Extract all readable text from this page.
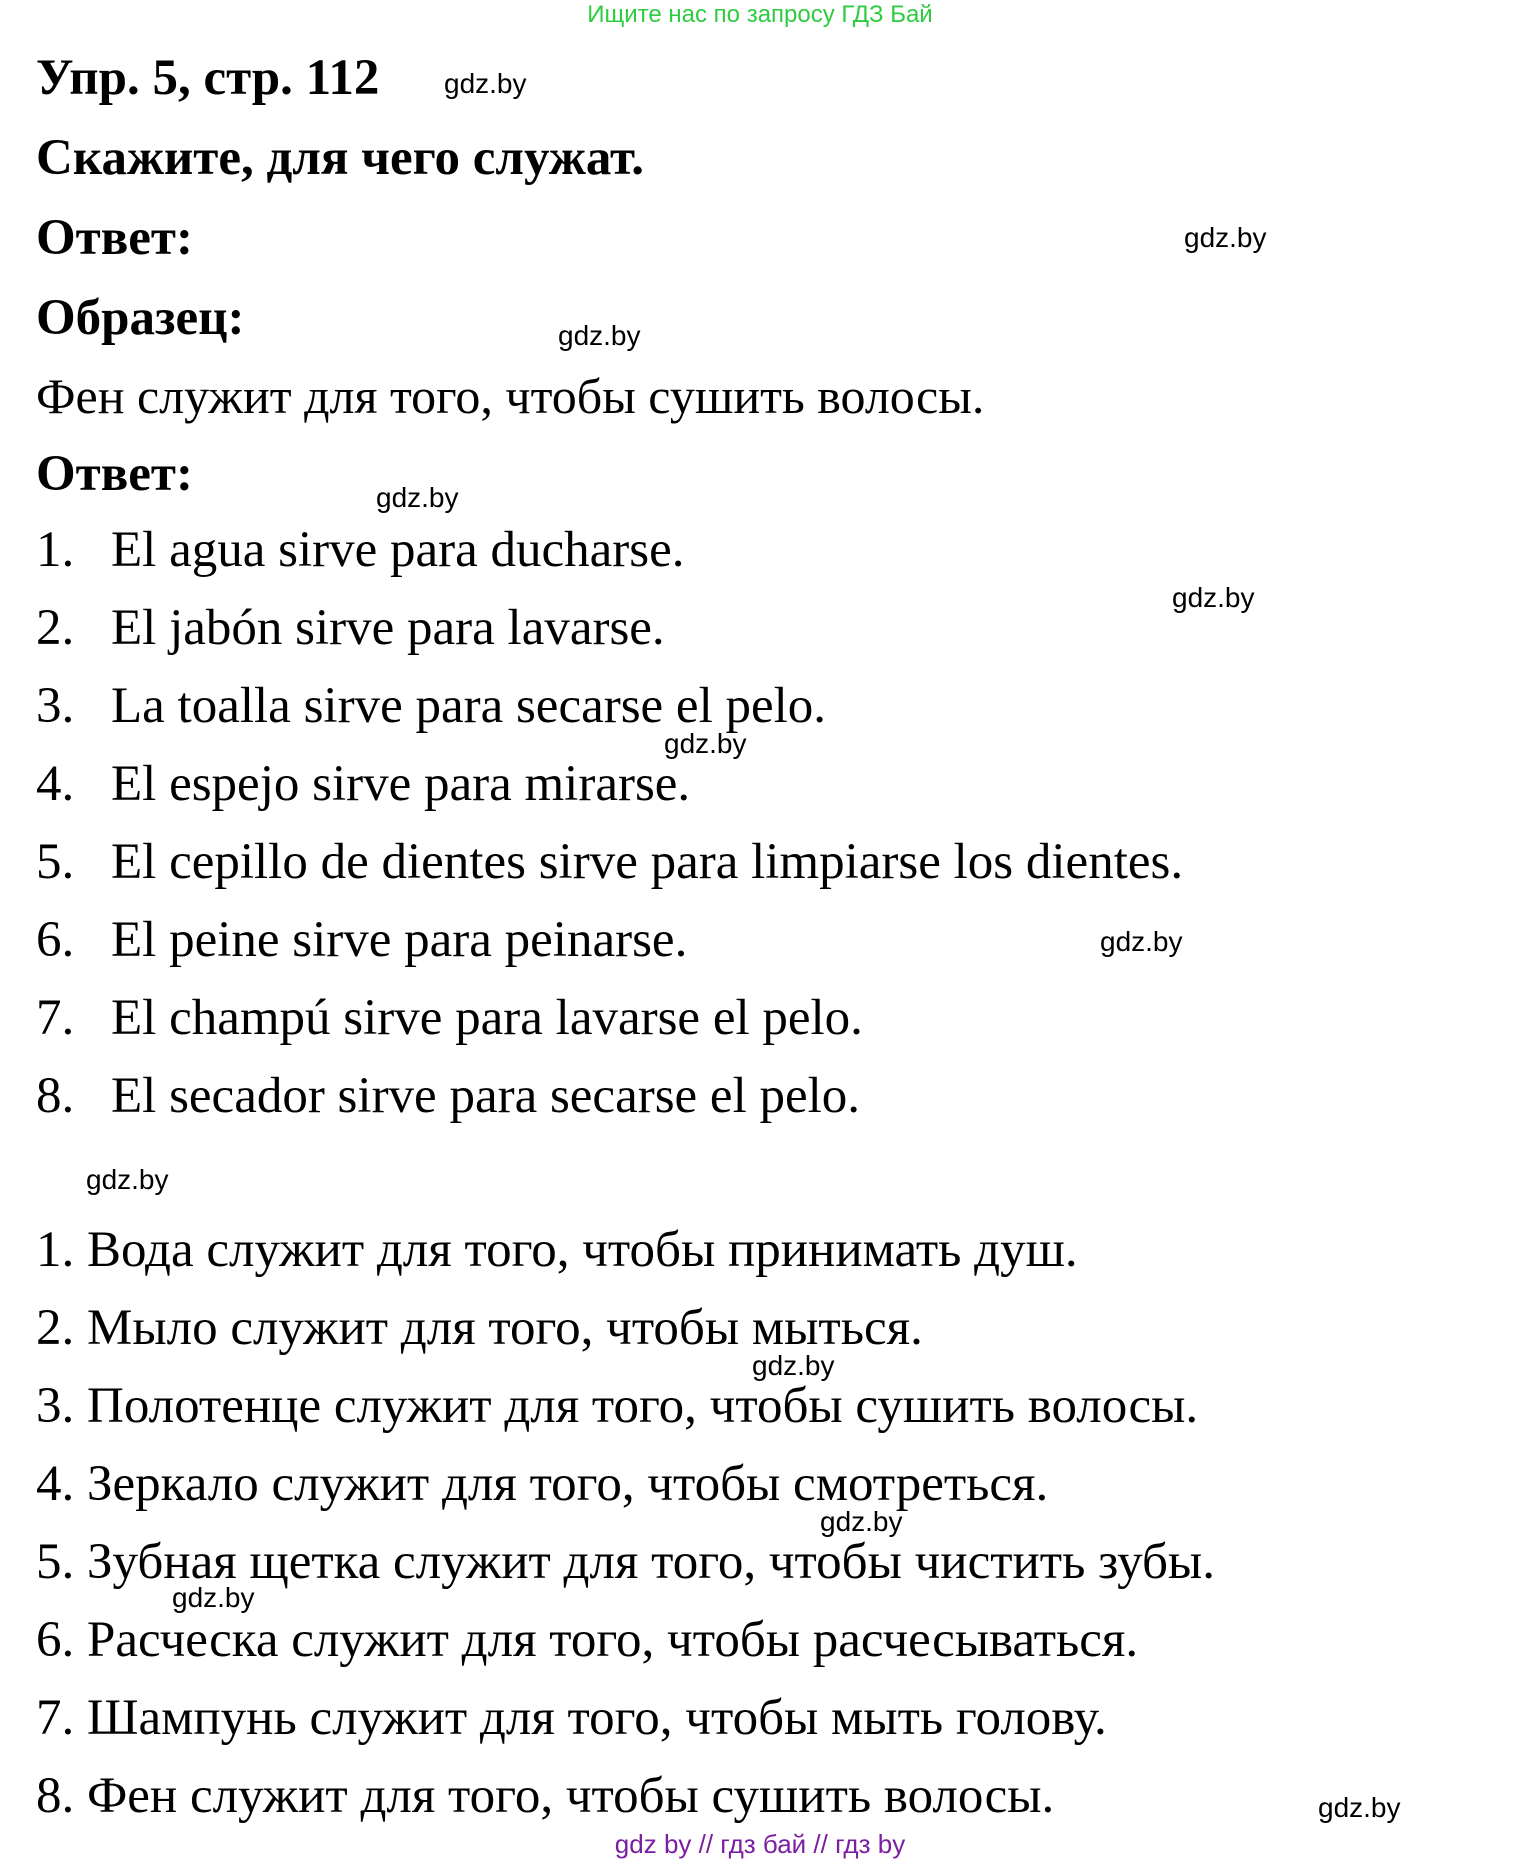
Ищите нас по запросу ГДЗ Бай
Упр. 5, стр. 112
Скажите, для чего служат.
Ответ:
Образец:
Фен служит для того, чтобы сушить волосы.
Ответ:
1. El agua sirve para ducharse.
2. El jabón sirve para lavarse.
3. La toalla sirve para secarse el pelo.
4. El espejo sirve para mirarse.
5. El cepillo de dientes sirve para limpiarse los dientes.
6. El peine sirve para peinarse.
7. El champú sirve para lavarse el pelo.
8. El secador sirve para secarse el pelo.
1. Вода служит для того, чтобы принимать душ.
2. Мыло служит для того, чтобы мыться.
3. Полотенце служит для того, чтобы сушить волосы.
4. Зеркало служит для того, чтобы смотреться.
5. Зубная щетка служит для того, чтобы чистить зубы.
6. Расческа служит для того, чтобы расчесываться.
7. Шампунь служит для того, чтобы мыть голову.
8. Фен служит для того, чтобы сушить волосы.
gdz.by
gdz.by
gdz.by
gdz.by
gdz.by
gdz.by
gdz.by
gdz.by
gdz.by
gdz.by
gdz.by
gdz.by
gdz by // гдз бай // гдз by
